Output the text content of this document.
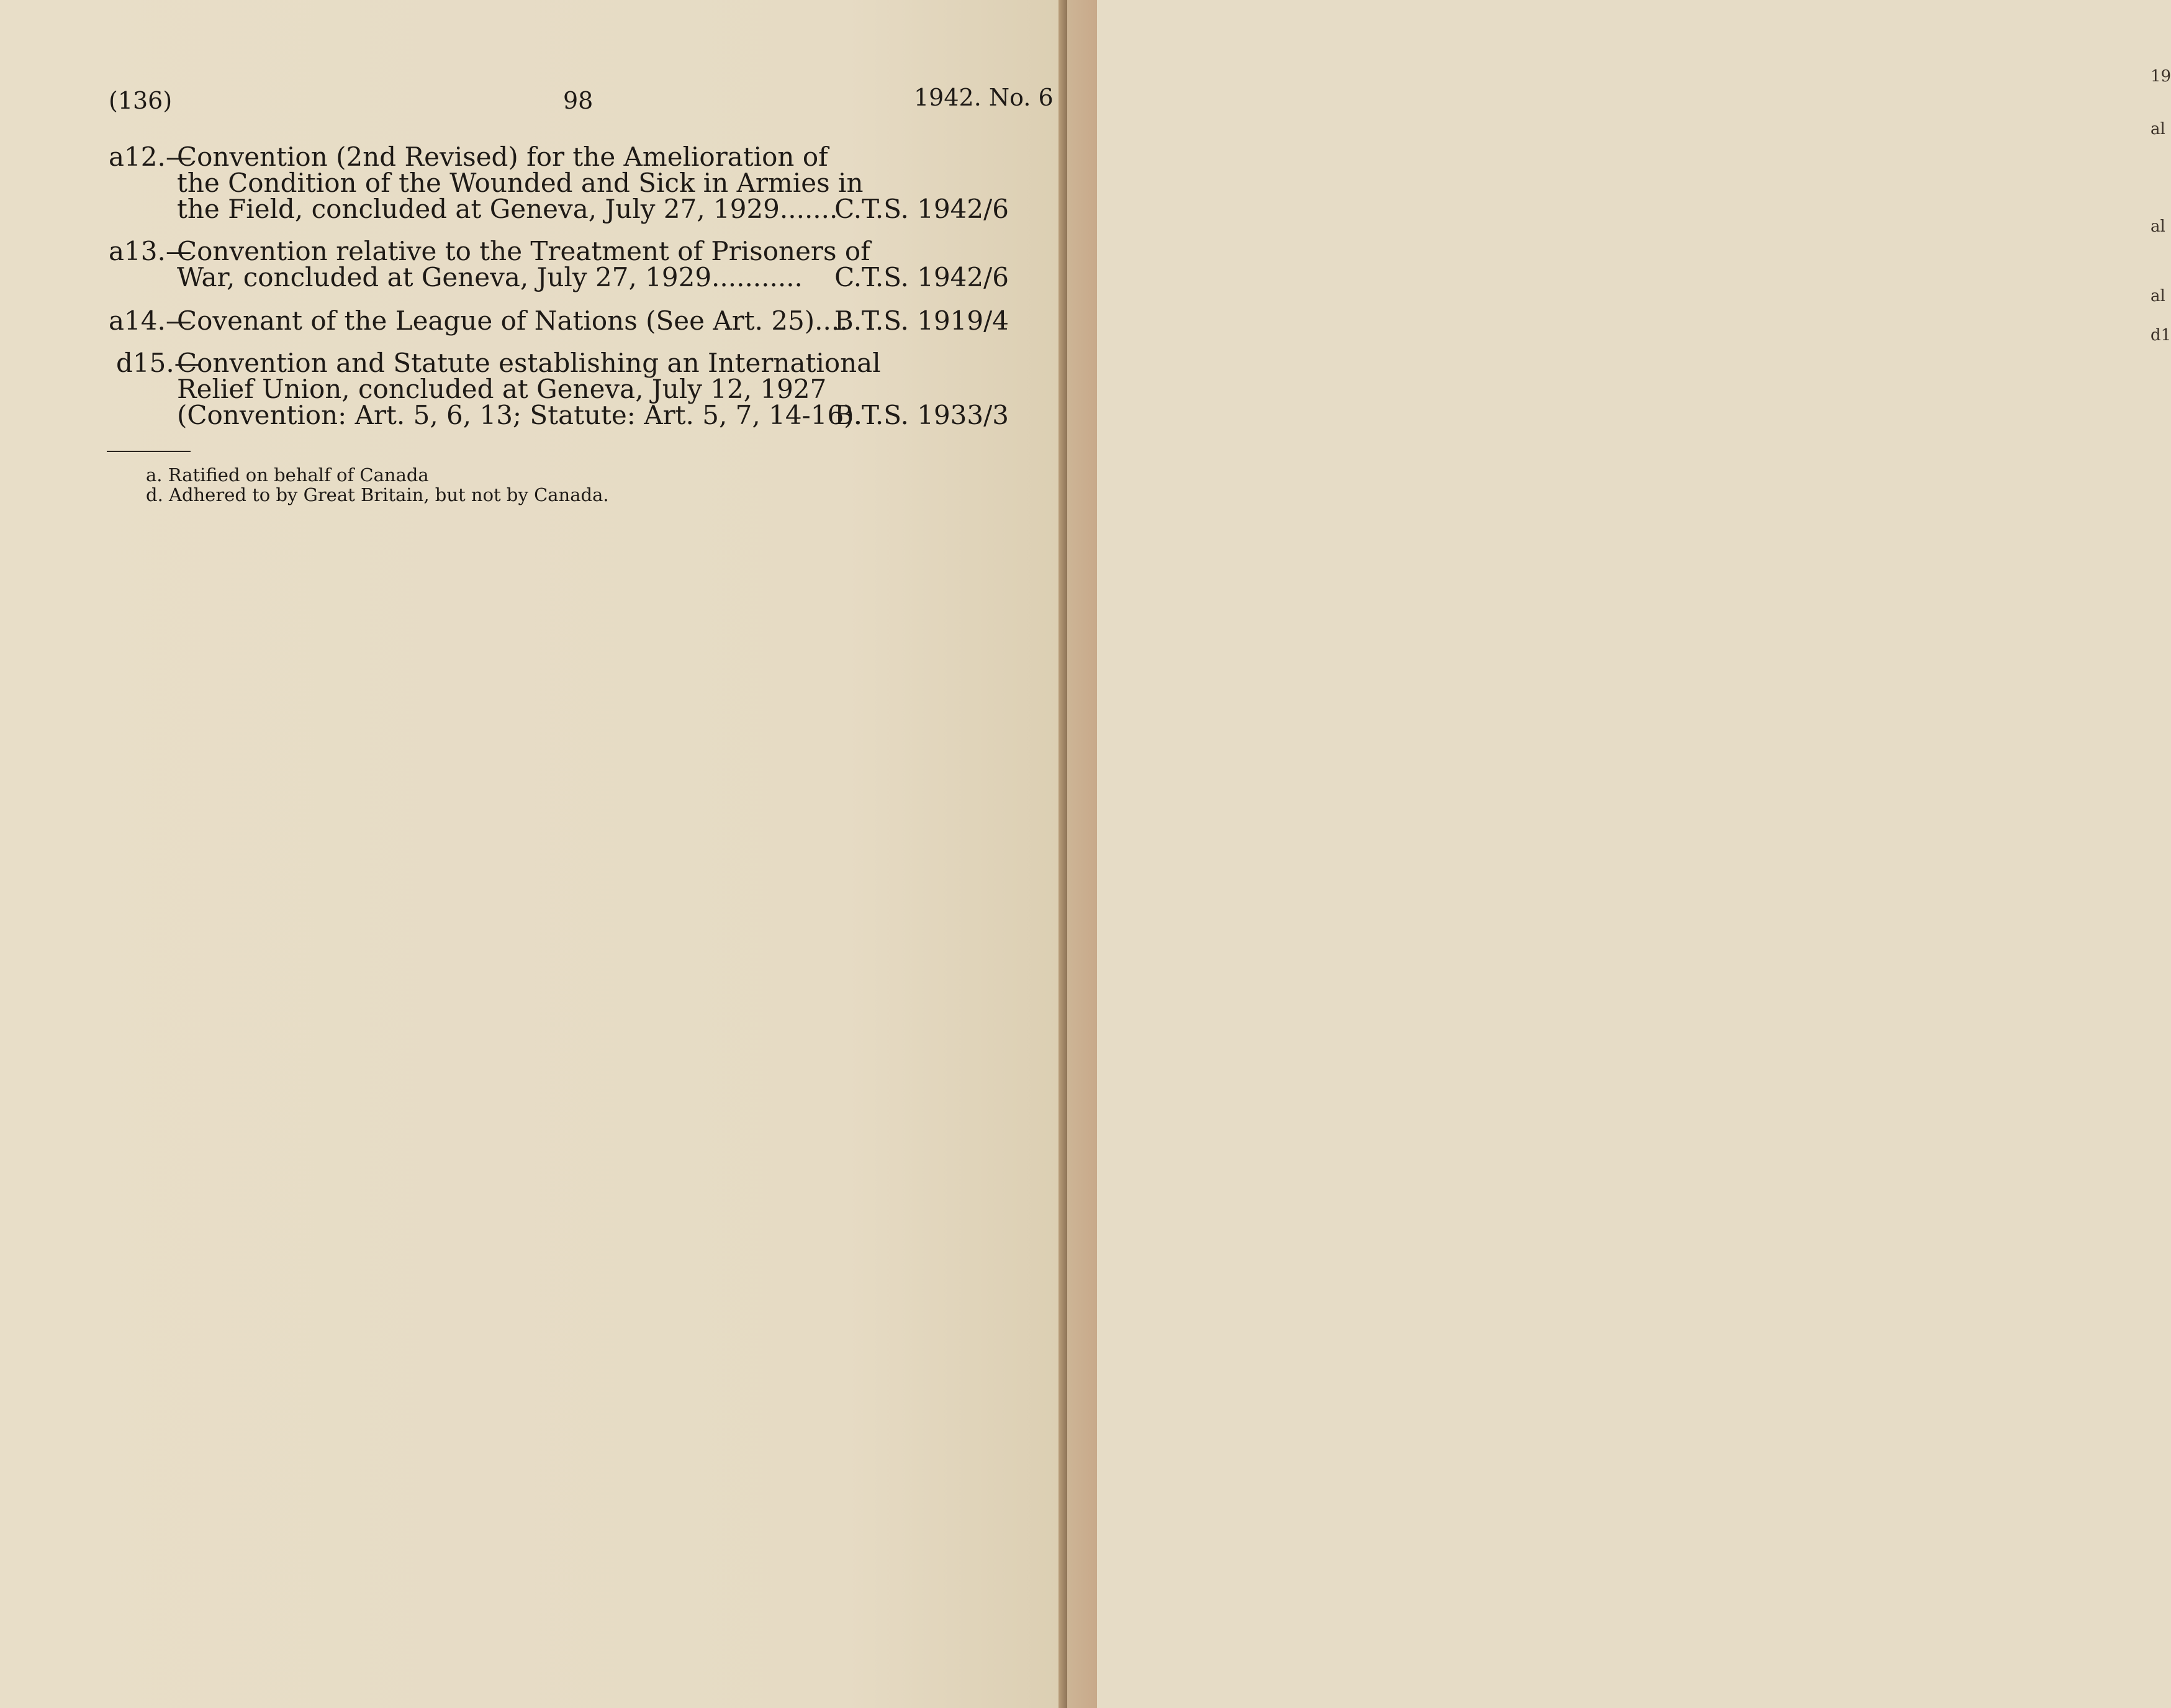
(136)	98	1942. No. 6
a12.—
Convention (2nd Revised) for the Amelioration of
the Condition of the Wounded and Sick in Armies in
the Field, concluded at Geneva, July 27, 1929.......
C.T.S. 1942/6
a13.—
Convention relative to the Treatment of Prisoners of
War, concluded at Geneva, July 27, 1929........... C.T.S. 1942/6
a14.—
Covenant of the League of Nations (See Art. 25)....
B.T.S. 1919/4
d15.—
Convention and Statute establishing an International
Relief Union, concluded at Geneva, July 12, 1927
(Convention: Art. 5, 6, 13; Statute: Art. 5, 7, 14-16).
B.T.S. 1933/3
a. Ratified on behalf of Canada
d. Adhered to by Great Britain, but not by Canada.
19
al
al
al
d1
